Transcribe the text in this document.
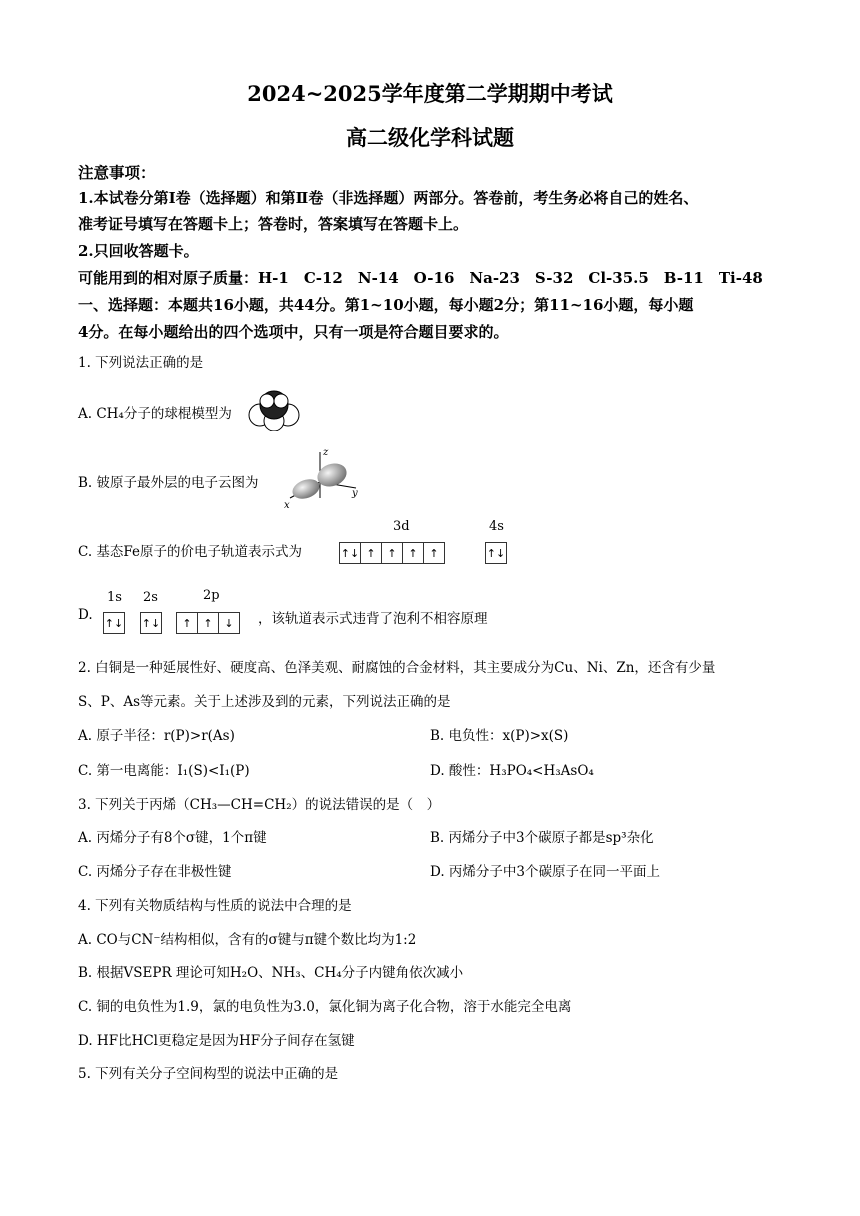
2024~2025学年度第二学期期中考试
高二级化学科试题
注意事项：
1.本试卷分第Ⅰ卷（选择题）和第Ⅱ卷（非选择题）两部分。答卷前，考生务必将自己的姓名、
准考证号填写在答题卡上；答卷时，答案填写在答题卡上。
2.只回收答题卡。
可能用到的相对原子质量：H-1　C-12　N-14　O-16　Na-23　S-32　Cl-35.5　B-11　Ti-48
一、选择题：本题共16小题，共44分。第1~10小题，每小题2分；第11~16小题，每小题
4分。在每小题给出的四个选项中，只有一项是符合题目要求的。
1. 下列说法正确的是
A. CH₄分子的球棍模型为
B. 铍原子最外层的电子云图为
z
y
x
C. 基态Fe原子的价电子轨道表示式为
3d	4s
↑↓ ↑ ↑ ↑ ↑	↑↓
1s 2s	2p
D.
↑↓ ↑↓	↑ ↑ ↓	，该轨道表示式违背了泡利不相容原理
2. 白铜是一种延展性好、硬度高、色泽美观、耐腐蚀的合金材料，其主要成分为Cu、Ni、Zn，还含有少量
S、P、As等元素。关于上述涉及到的元素，下列说法正确的是
A. 原子半径：r(P)>r(As)	B. 电负性：x(P)>x(S)
C. 第一电离能：I₁(S)<I₁(P)	D. 酸性：H₃PO₄<H₃AsO₄
3. 下列关于丙烯（CH₃—CH=CH₂）的说法错误的是（　）
A. 丙烯分子有8个σ键，1个π键	B. 丙烯分子中3个碳原子都是sp³杂化
C. 丙烯分子存在非极性键	D. 丙烯分子中3个碳原子在同一平面上
4. 下列有关物质结构与性质的说法中合理的是
A. CO与CN⁻结构相似，含有的σ键与π键个数比均为1:2
B. 根据VSEPR 理论可知H₂O、NH₃、CH₄分子内键角依次减小
C. 铜的电负性为1.9，氯的电负性为3.0，氯化铜为离子化合物，溶于水能完全电离
D. HF比HCl更稳定是因为HF分子间存在氢键
5. 下列有关分子空间构型的说法中正确的是
